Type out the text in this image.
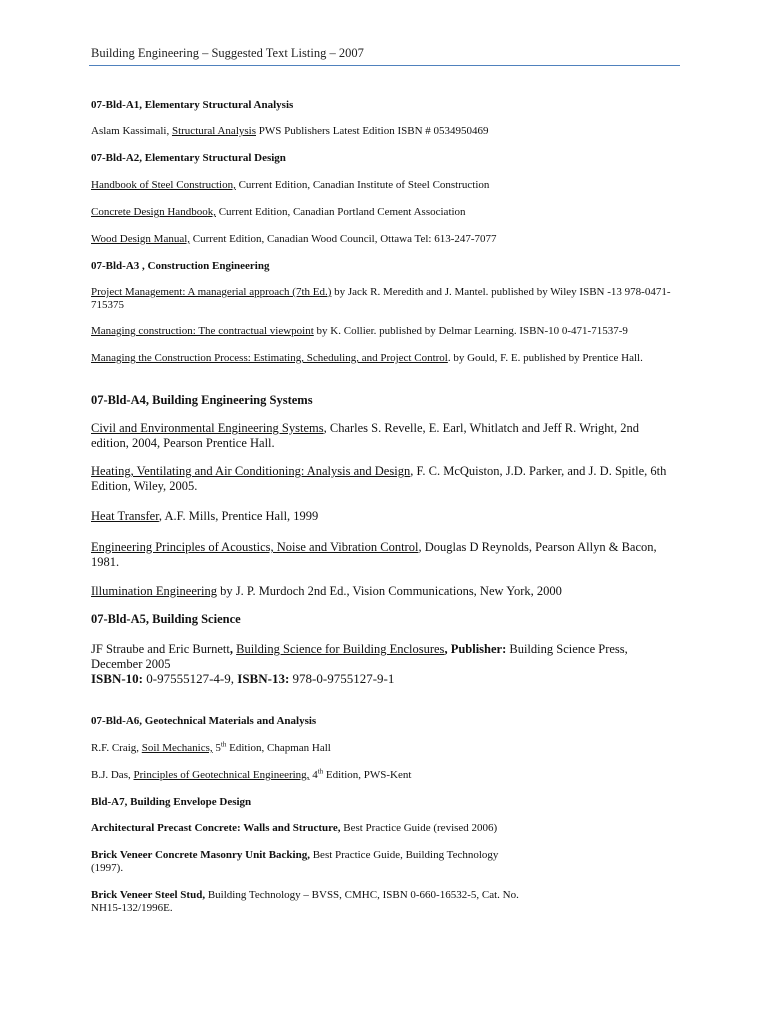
Building Engineering – Suggested Text Listing – 2007
07-Bld-A1, Elementary Structural Analysis
Aslam Kassimali, Structural Analysis PWS Publishers Latest Edition ISBN # 0534950469
07-Bld-A2, Elementary Structural Design
Handbook of Steel Construction, Current Edition, Canadian Institute of Steel Construction
Concrete Design Handbook, Current Edition, Canadian Portland Cement Association
Wood Design Manual, Current Edition, Canadian Wood Council, Ottawa Tel: 613-247-7077
07-Bld-A3 , Construction Engineering
Project Management: A managerial approach (7th Ed.) by Jack R. Meredith and J. Mantel. published by Wiley ISBN -13 978-0471-715375
Managing construction: The contractual viewpoint by K. Collier. published by Delmar Learning. ISBN-10 0-471-71537-9
Managing the Construction Process: Estimating, Scheduling, and Project Control. by Gould, F. E. published by Prentice Hall.
07-Bld-A4, Building Engineering Systems
Civil and Environmental Engineering Systems, Charles S. Revelle, E. Earl, Whitlatch and Jeff R. Wright, 2nd edition, 2004, Pearson Prentice Hall.
Heating, Ventilating and Air Conditioning: Analysis and Design, F. C. McQuiston, J.D. Parker, and J. D. Spitle, 6th Edition, Wiley, 2005.
Heat Transfer, A.F. Mills, Prentice Hall, 1999
Engineering Principles of Acoustics, Noise and Vibration Control, Douglas D Reynolds, Pearson Allyn & Bacon, 1981.
Illumination Engineering by J. P. Murdoch 2nd Ed., Vision Communications, New York, 2000
07-Bld-A5, Building Science
JF Straube and Eric Burnett, Building Science for Building Enclosures, Publisher: Building Science Press, December 2005
ISBN-10: 0-97555127-4-9, ISBN-13: 978-0-9755127-9-1
07-Bld-A6, Geotechnical Materials and Analysis
R.F. Craig, Soil Mechanics, 5th Edition, Chapman Hall
B.J. Das, Principles of Geotechnical Engineering, 4th Edition, PWS-Kent
Bld-A7, Building Envelope Design
Architectural Precast Concrete: Walls and Structure, Best Practice Guide (revised 2006)
Brick Veneer Concrete Masonry Unit Backing, Best Practice Guide, Building Technology (1997).
Brick Veneer Steel Stud, Building Technology – BVSS, CMHC, ISBN 0-660-16532-5, Cat. No. NH15-132/1996E.
